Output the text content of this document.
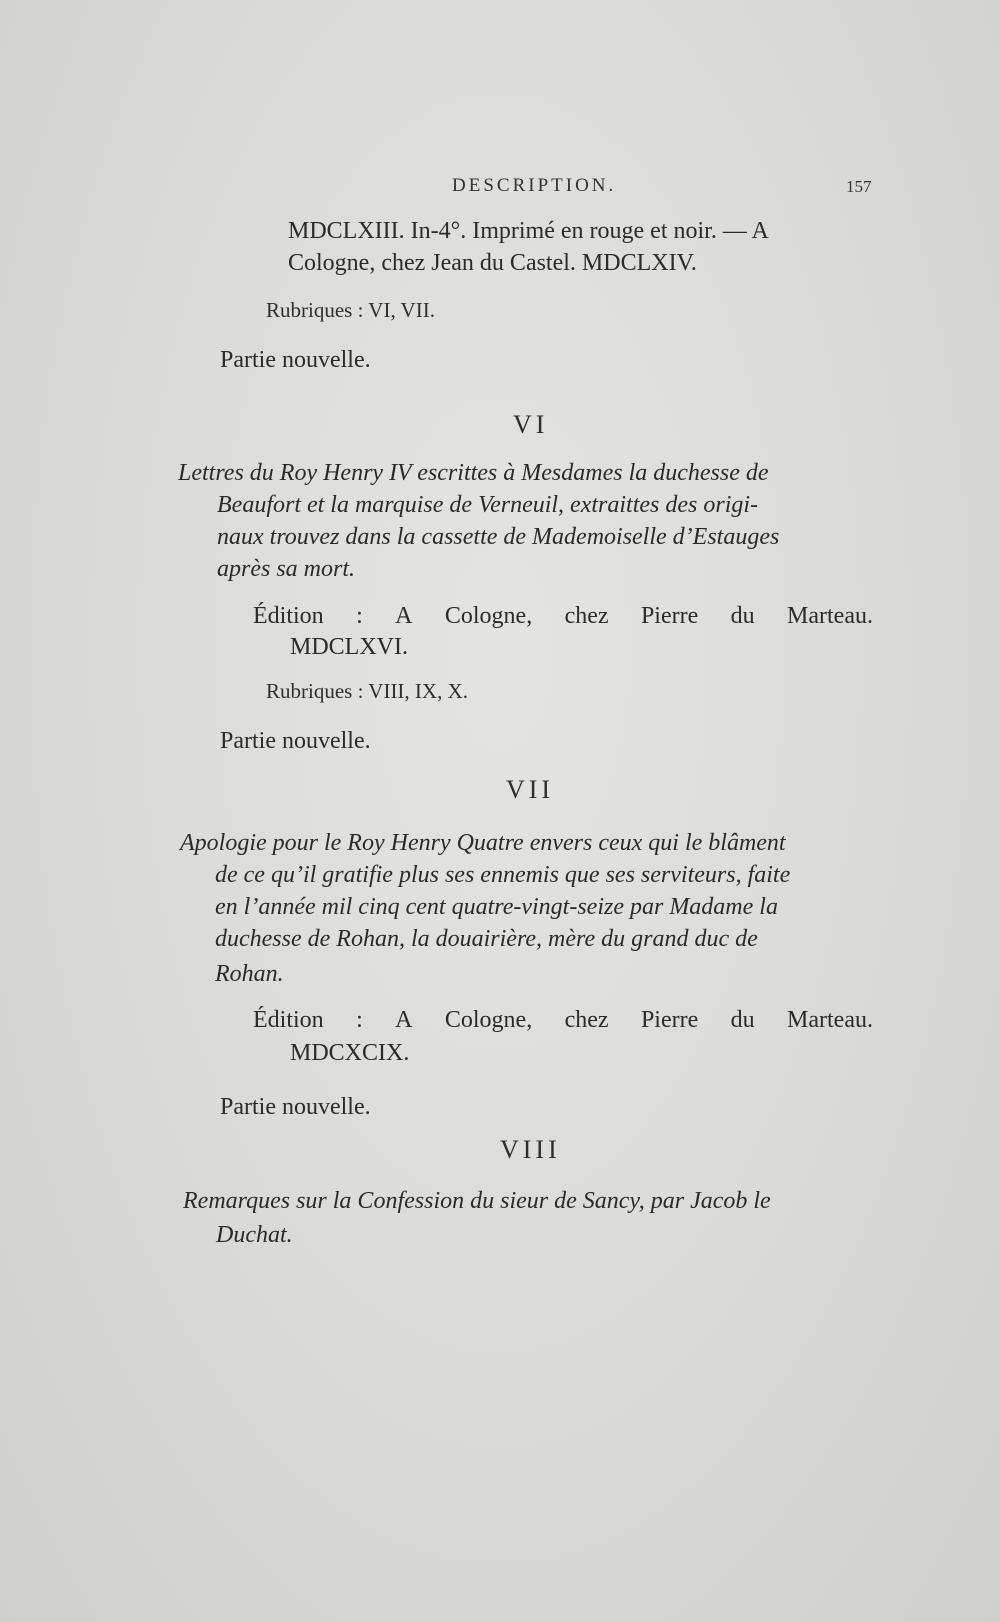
DESCRIPTION.	157
MDCLXIII. In-4°. Imprimé en rouge et noir. — A
Cologne, chez Jean du Castel. MDCLXIV.
Rubriques : VI, VII.
Partie nouvelle.
VI
Lettres du Roy Henry IV escrittes à Mesdames la duchesse de
Beaufort et la marquise de Verneuil, extraittes des origi-
naux trouvez dans la cassette de Mademoiselle d’Estauges
après sa mort.
Édition : A Cologne, chez Pierre du Marteau.
MDCLXVI.
Rubriques : VIII, IX, X.
Partie nouvelle.
VII
Apologie pour le Roy Henry Quatre envers ceux qui le blâment
de ce qu’il gratifie plus ses ennemis que ses serviteurs, faite
en l’année mil cinq cent quatre-vingt-seize par Madame la
duchesse de Rohan, la douairière, mère du grand duc de
Rohan.
Édition : A Cologne, chez Pierre du Marteau.
MDCXCIX.
Partie nouvelle.
VIII
Remarques sur la Confession du sieur de Sancy, par Jacob le
Duchat.
